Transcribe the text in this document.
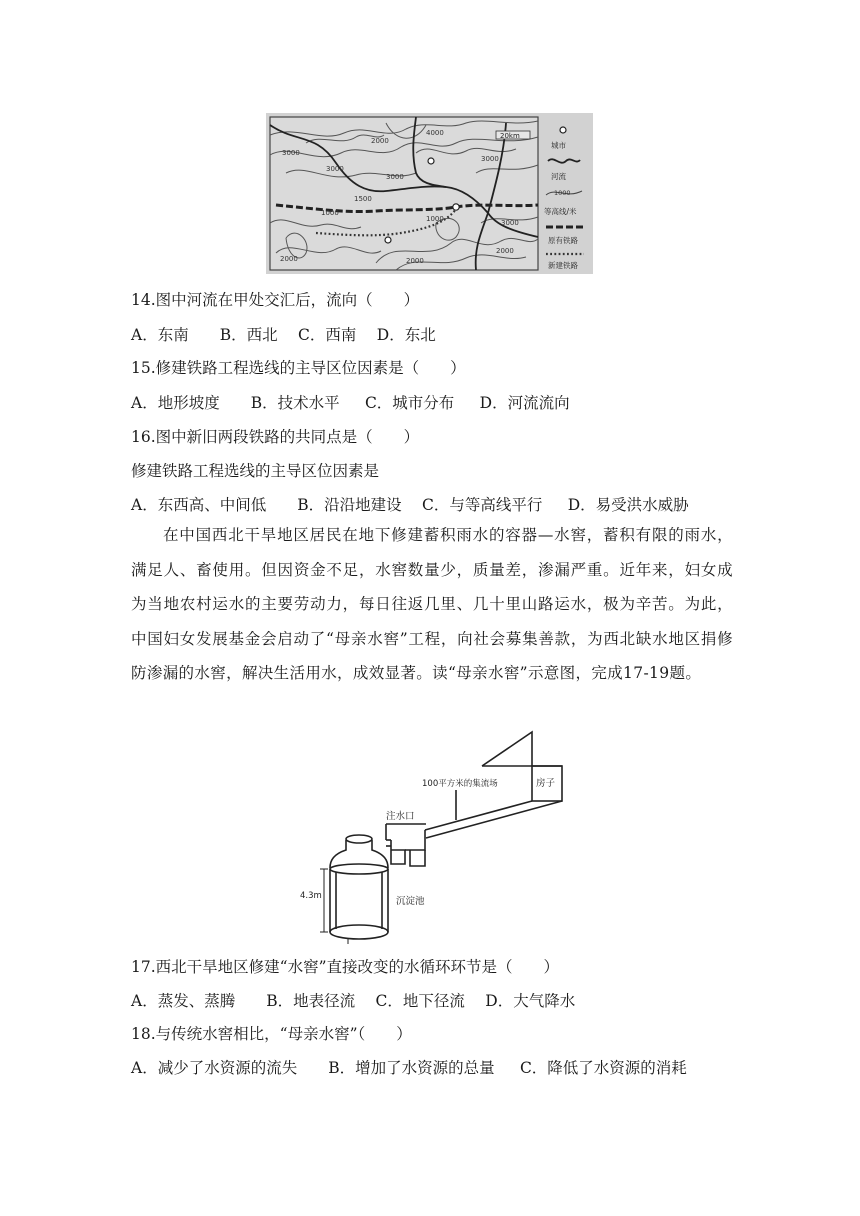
3000
2000
4000
3000
3000
1500
1000
2000
1000
2000
2000
3000
3000
20km
城市
河流
1000
等高线/米
原有铁路
新建铁路
14.图中河流在甲处交汇后，流向（　　）
A．东南　　B．西北　 C．西南　 D．东北
15.修建铁路工程选线的主导区位因素是（　　）
A．地形坡度　　B．技术水平　  C．城市分布　  D．河流流向
16.图中新旧两段铁路的共同点是（　　）
修建铁路工程选线的主导区位因素是
A．东西高、中间低　　B．沿沿地建设　 C．与等高线平行　  D．易受洪水威胁
在中国西北干旱地区居民在地下修建蓄积雨水的容器—水窖，蓄积有限的雨水，满足人、畜使用。但因资金不足，水窖数量少，质量差，渗漏严重。近年来，妇女成为当地农村运水的主要劳动力，每日往返几里、几十里山路运水，极为辛苦。为此，中国妇女发展基金会启动了“母亲水窖”工程，向社会募集善款，为西北缺水地区捐修防渗漏的水窖，解决生活用水，成效显著。读“母亲水窖”示意图，完成17-19题。
房子
100平方米的集流场
注水口
沉淀池
4.3m
17.西北干旱地区修建“水窖”直接改变的水循环环节是（　　）
A．蒸发、蒸腾　　B．地表径流　 C．地下径流　 D．大气降水
18.与传统水窖相比，“母亲水窖”（　　）
A．减少了水资源的流失　　B．增加了水资源的总量　  C．降低了水资源的消耗
